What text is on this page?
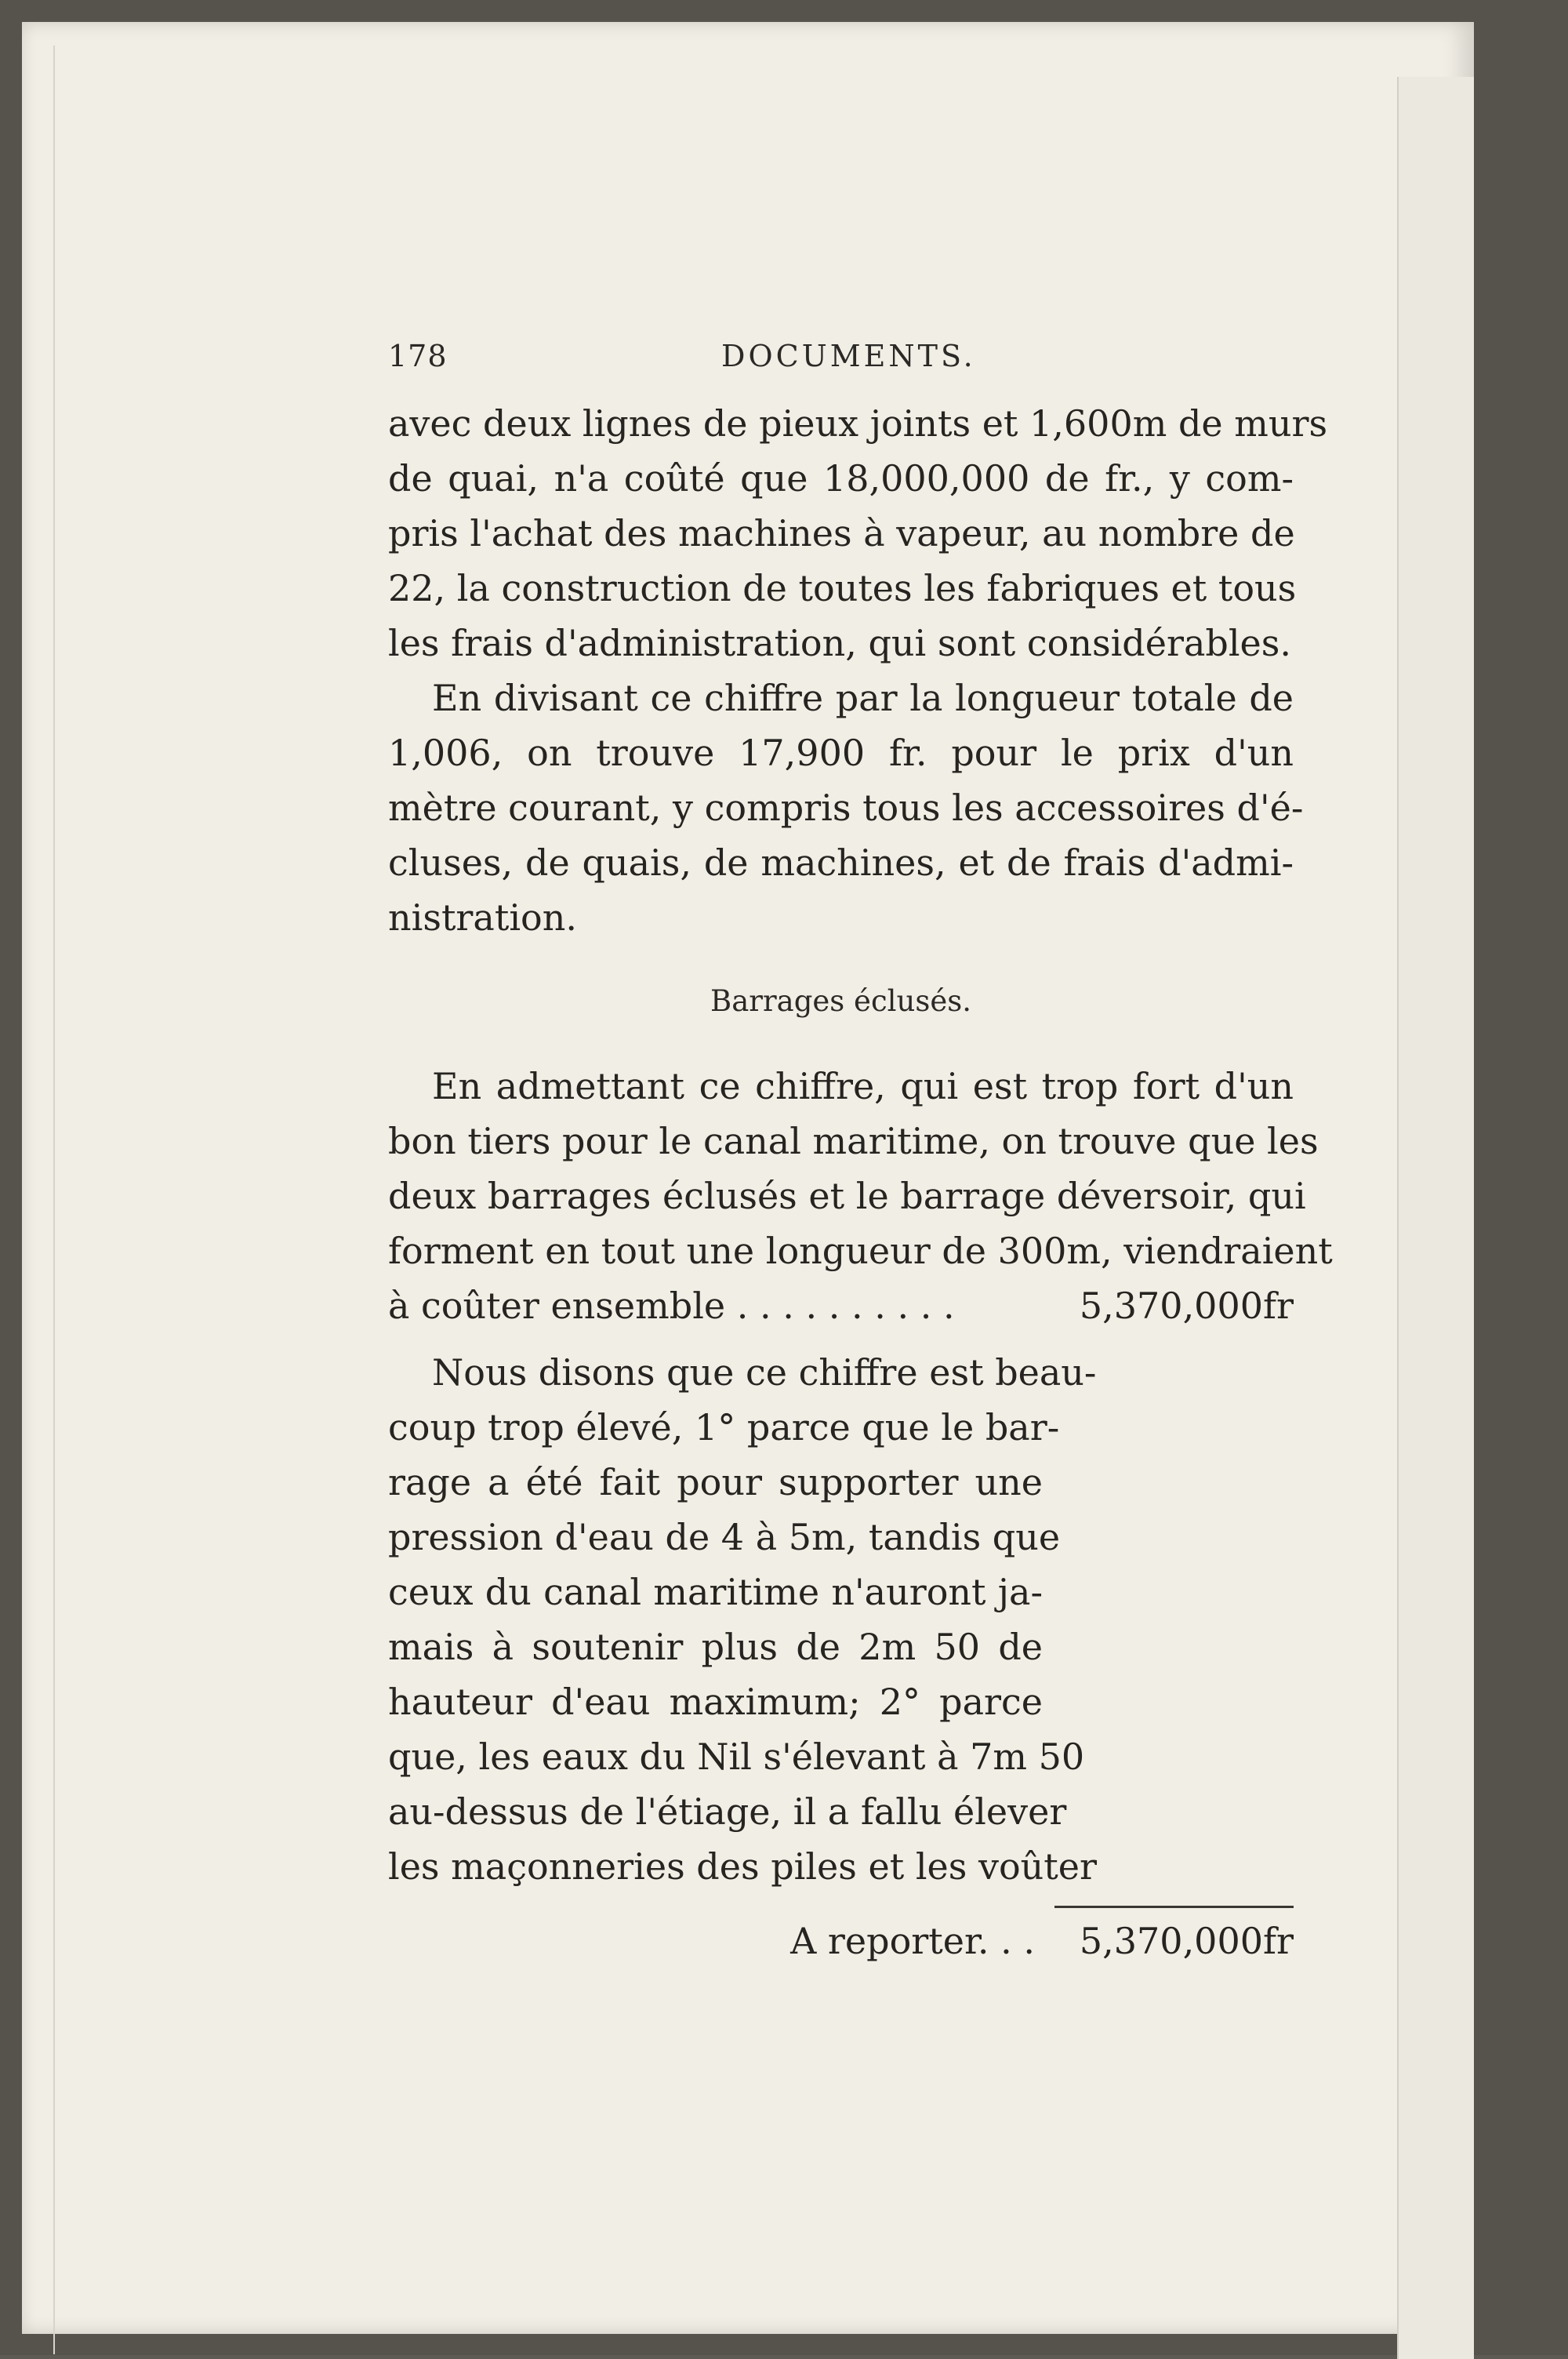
178	DOCUMENTS.
avec deux lignes de pieux joints et 1,600m de murs
de quai, n'a coûté que 18,000,000 de fr., y com-
pris l'achat des machines à vapeur, au nombre de
22, la construction de toutes les fabriques et tous
les frais d'administration, qui sont considérables.
En divisant ce chiffre par la longueur totale de
1,006, on trouve 17,900 fr. pour le prix d'un
mètre courant, y compris tous les accessoires d'é-
cluses, de quais, de machines, et de frais d'admi-
nistration.
Barrages éclusés.
En admettant ce chiffre, qui est trop fort d'un
bon tiers pour le canal maritime, on trouve que les
deux barrages éclusés et le barrage déversoir, qui
forment en tout une longueur de 300m, viendraient
à coûter ensemble . . . . . . . . . .	5,370,000fr
Nous disons que ce chiffre est beau-
coup trop élevé, 1° parce que le bar-
rage a été fait pour supporter une
pression d'eau de 4 à 5m, tandis que
ceux du canal maritime n'auront ja-
mais à soutenir plus de 2m 50 de
hauteur d'eau maximum; 2° parce
que, les eaux du Nil s'élevant à 7m 50
au-dessus de l'étiage, il a fallu élever
les maçonneries des piles et les voûter
A reporter. . . 5,370,000fr
